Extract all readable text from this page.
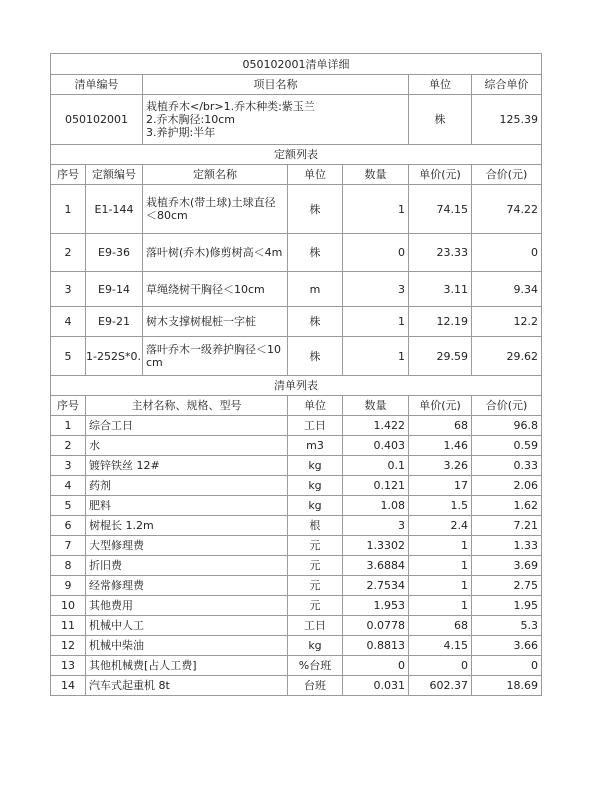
050102001清单详细						
清单编号		项目名称			单位	综合单价
050102001		栽植乔木</br>1.乔木种类:紫玉兰
2.乔木胸径:10cm
3.养护期:半年			株	125.39
定额列表						
序号	定额编号	定额名称	单位	数量	单价(元)	合价(元)
1	E1-144	栽植乔木(带土球)土球直径＜80cm	株	1	74.15	74.22
2	E9-36	落叶树(乔木)修剪树高＜4m	株	0	23.33	0
3	E9-14	草绳绕树干胸径＜10cm	m	3	3.11	9.34
4	E9-21	树木支撑树棍桩一字桩	株	1	12.19	12.2
5	1-252S*0.	落叶乔木一级养护胸径＜10cm	株	1	29.59	29.62
清单列表						
序号	主材名称、规格、型号		单位	数量	单价(元)	合价(元)
1	综合工日		工日	1.422	68	96.8
2	水		m3	0.403	1.46	0.59
3	镀锌铁丝 12#		kg	0.1	3.26	0.33
4	药剂		kg	0.121	17	2.06
5	肥料		kg	1.08	1.5	1.62
6	树棍长 1.2m		根	3	2.4	7.21
7	大型修理费		元	1.3302	1	1.33
8	折旧费		元	3.6884	1	3.69
9	经常修理费		元	2.7534	1	2.75
10	其他费用		元	1.953	1	1.95
11	机械中人工		工日	0.0778	68	5.3
12	机械中柴油		kg	0.8813	4.15	3.66
13	其他机械费[占人工费]		%台班	0	0	0
14	汽车式起重机 8t		台班	0.031	602.37	18.69
